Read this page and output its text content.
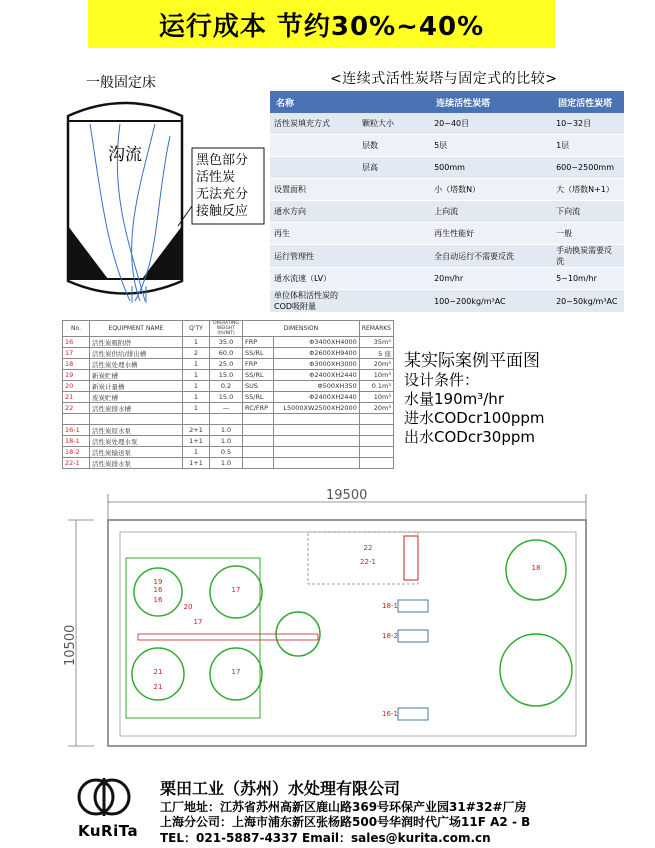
运行成本 节约30%~40%
一般固定床	<连续式活性炭塔与固定式的比较>
沟流	黑色部分
活性炭
无法充分
接触反应
名称		连续活性炭塔	固定活性炭塔
活性炭填充方式	颗粒大小	20~40目	10~32目
	层数	5层	1层
	层高	500mm	600~2500mm
设置面积		小（塔数N）	大（塔数N+1）
通水方向		上向流	下向流
再生		再生性能好	一般
运行管理性		全自动运行不需要反洗	手动换炭需要反洗
通水流速（LV）		20m/hr	5~10m/hr
单位体积活性炭的COD吸附量		100~200kg/m³AC	20~50kg/m³AC
No.	EQUIPMENT NAME	Q'TY	OPERATING WEIGHT (t/UNIT)	DIMENSION		REMARKS
16	活性炭吸附塔	1	35.0	FRP	Φ3400XH4000	35m³
17	活性炭供给/排出槽	2	60.0	SS/RL	Φ2600XH9400	5 座
18	活性炭处理水槽	1	25.0	FRP	Φ3000XH3000	20m³
19	新炭贮槽	1	15.0	SS/RL	Φ2400XH2440	10m³
20	新炭计量槽	1	0.2	SUS	Φ500XH350	0.1m³
21	废炭贮槽	1	15.0	SS/RL	Φ2400XH2440	10m³
22	活性炭排水槽	1	—	RC/FRP	L5000XW2500XH2000	20m³

16-1	活性炭原水泵	2+1	1.0			
18-1	活性炭处理水泵	1+1	1.0			
18-2	活性炭输送泵	1	0.5			
22-1	活性炭排水泵	1+1	1.0			
某实际案例平面图
设计条件：
水量190m³/hr
进水CODcr100ppm
出水CODcr30ppm
19500
10500
16	17
17
18
18-1
18-2
19
20
21
22
22-1
16-1
16
17
21
KuRiTa
栗田工业（苏州）水处理有限公司
工厂地址：江苏省苏州高新区鹿山路369号环保产业园31#32#厂房
上海分公司：上海市浦东新区张杨路500号华润时代广场11F A2 - B
TEL：021-5887-4337 Email：sales@kurita.com.cn
